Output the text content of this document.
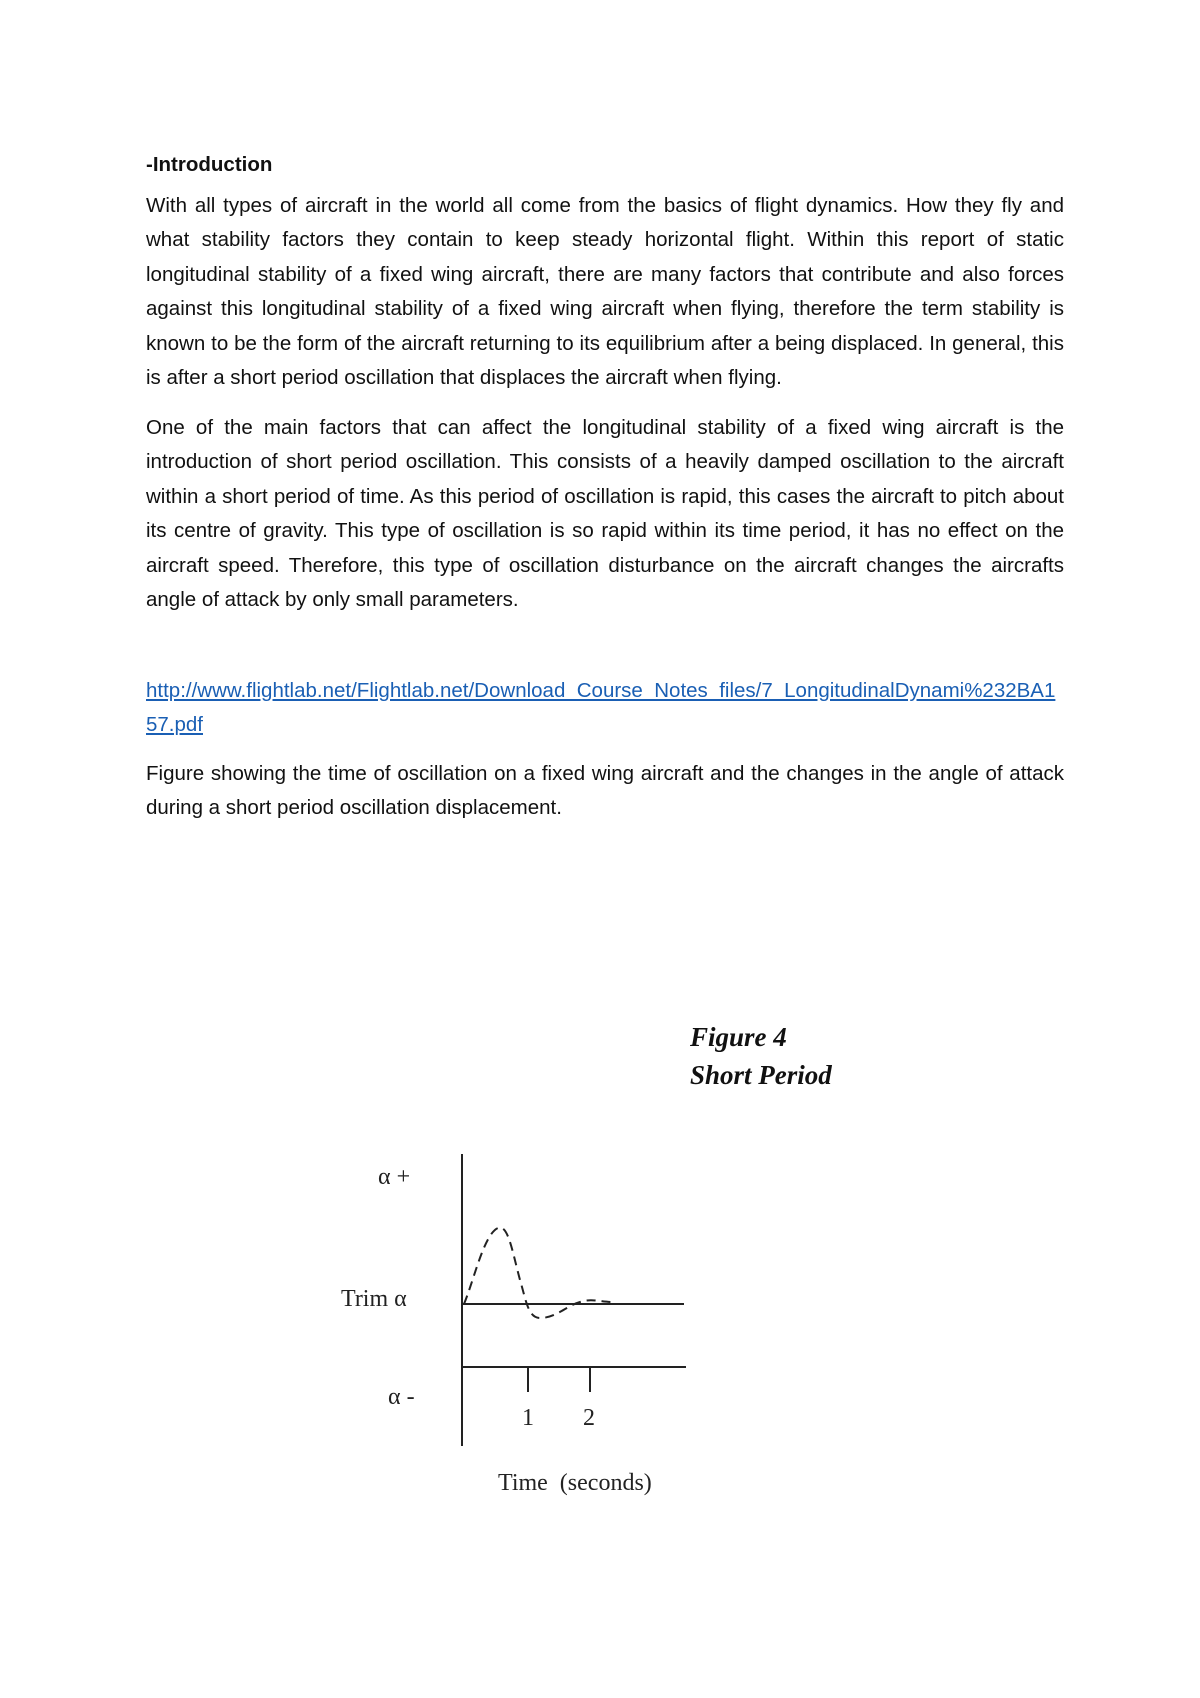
-Introduction

With all types of aircraft in the world all come from the basics of flight dynamics. How they fly and what stability factors they contain to keep steady horizontal flight. Within this report of static longitudinal stability of a fixed wing aircraft, there are many factors that contribute and also forces against this longitudinal stability of a fixed wing aircraft when flying, therefore the term stability is known to be the form of the aircraft returning to its equilibrium after a being displaced. In general, this is after a short period oscillation that displaces the aircraft when flying.

One of the main factors that can affect the longitudinal stability of a fixed wing aircraft is the introduction of short period oscillation. This consists of a heavily damped oscillation to the aircraft within a short period of time. As this period of oscillation is rapid, this cases the aircraft to pitch about its centre of gravity. This type of oscillation is so rapid within its time period, it has no effect on the aircraft speed. Therefore, this type of oscillation disturbance on the aircraft changes the aircrafts angle of attack by only small parameters.

http://www.flightlab.net/Flightlab.net/Download_Course_Notes_files/7_LongitudinalDynami%232BA157.pdf

Figure showing the time of oscillation on a fixed wing aircraft and the changes in the angle of attack during a short period oscillation displacement.

Figure 4
Short Period
α +
Trim α
α -
1 2
Time  (seconds)
